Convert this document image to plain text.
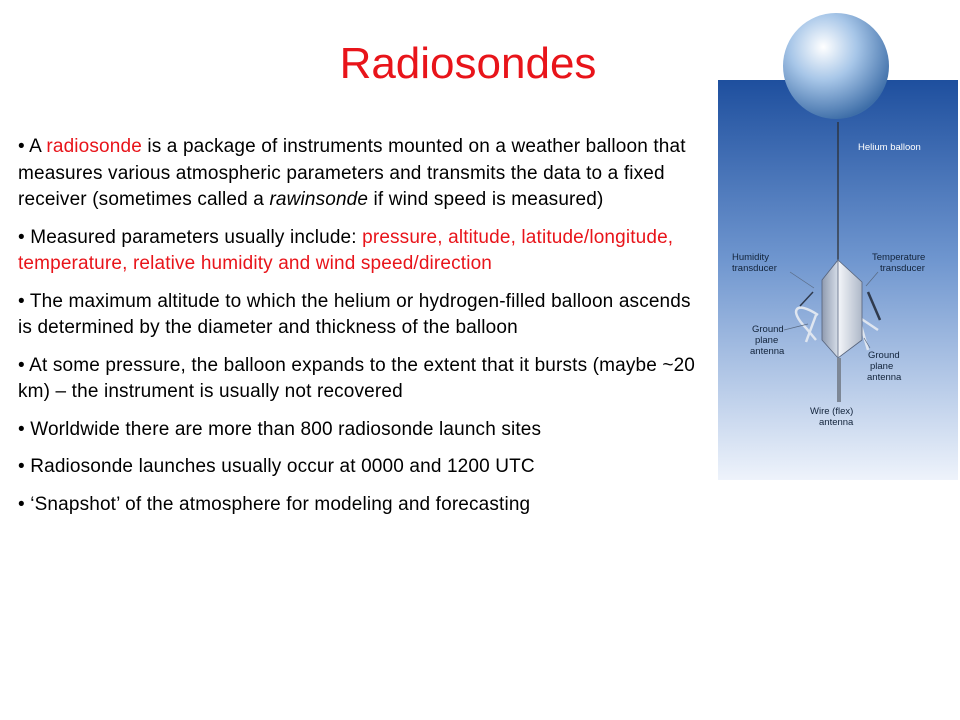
Radiosondes

• A radiosonde is a package of instruments mounted on a weather balloon that measures various atmospheric parameters and transmits the data to a fixed receiver (sometimes called a rawinsonde if wind speed is measured)

• Measured parameters usually include: pressure, altitude, latitude/longitude, temperature, relative humidity and wind speed/direction

• The maximum altitude to which the helium or hydrogen-filled balloon ascends is determined by the diameter and thickness of the balloon

• At some pressure, the balloon expands to the extent that it bursts (maybe ~20 km) – the instrument is usually not recovered

• Worldwide there are more than 800 radiosonde launch sites

• Radiosonde launches usually occur at 0000 and 1200 UTC

• ‘Snapshot’ of the atmosphere for modeling and forecasting

Helium balloon
Humidity
transducer
Temperature
transducer
Ground
plane
antenna	Ground
plane
antenna
Wire (flex)
antenna
